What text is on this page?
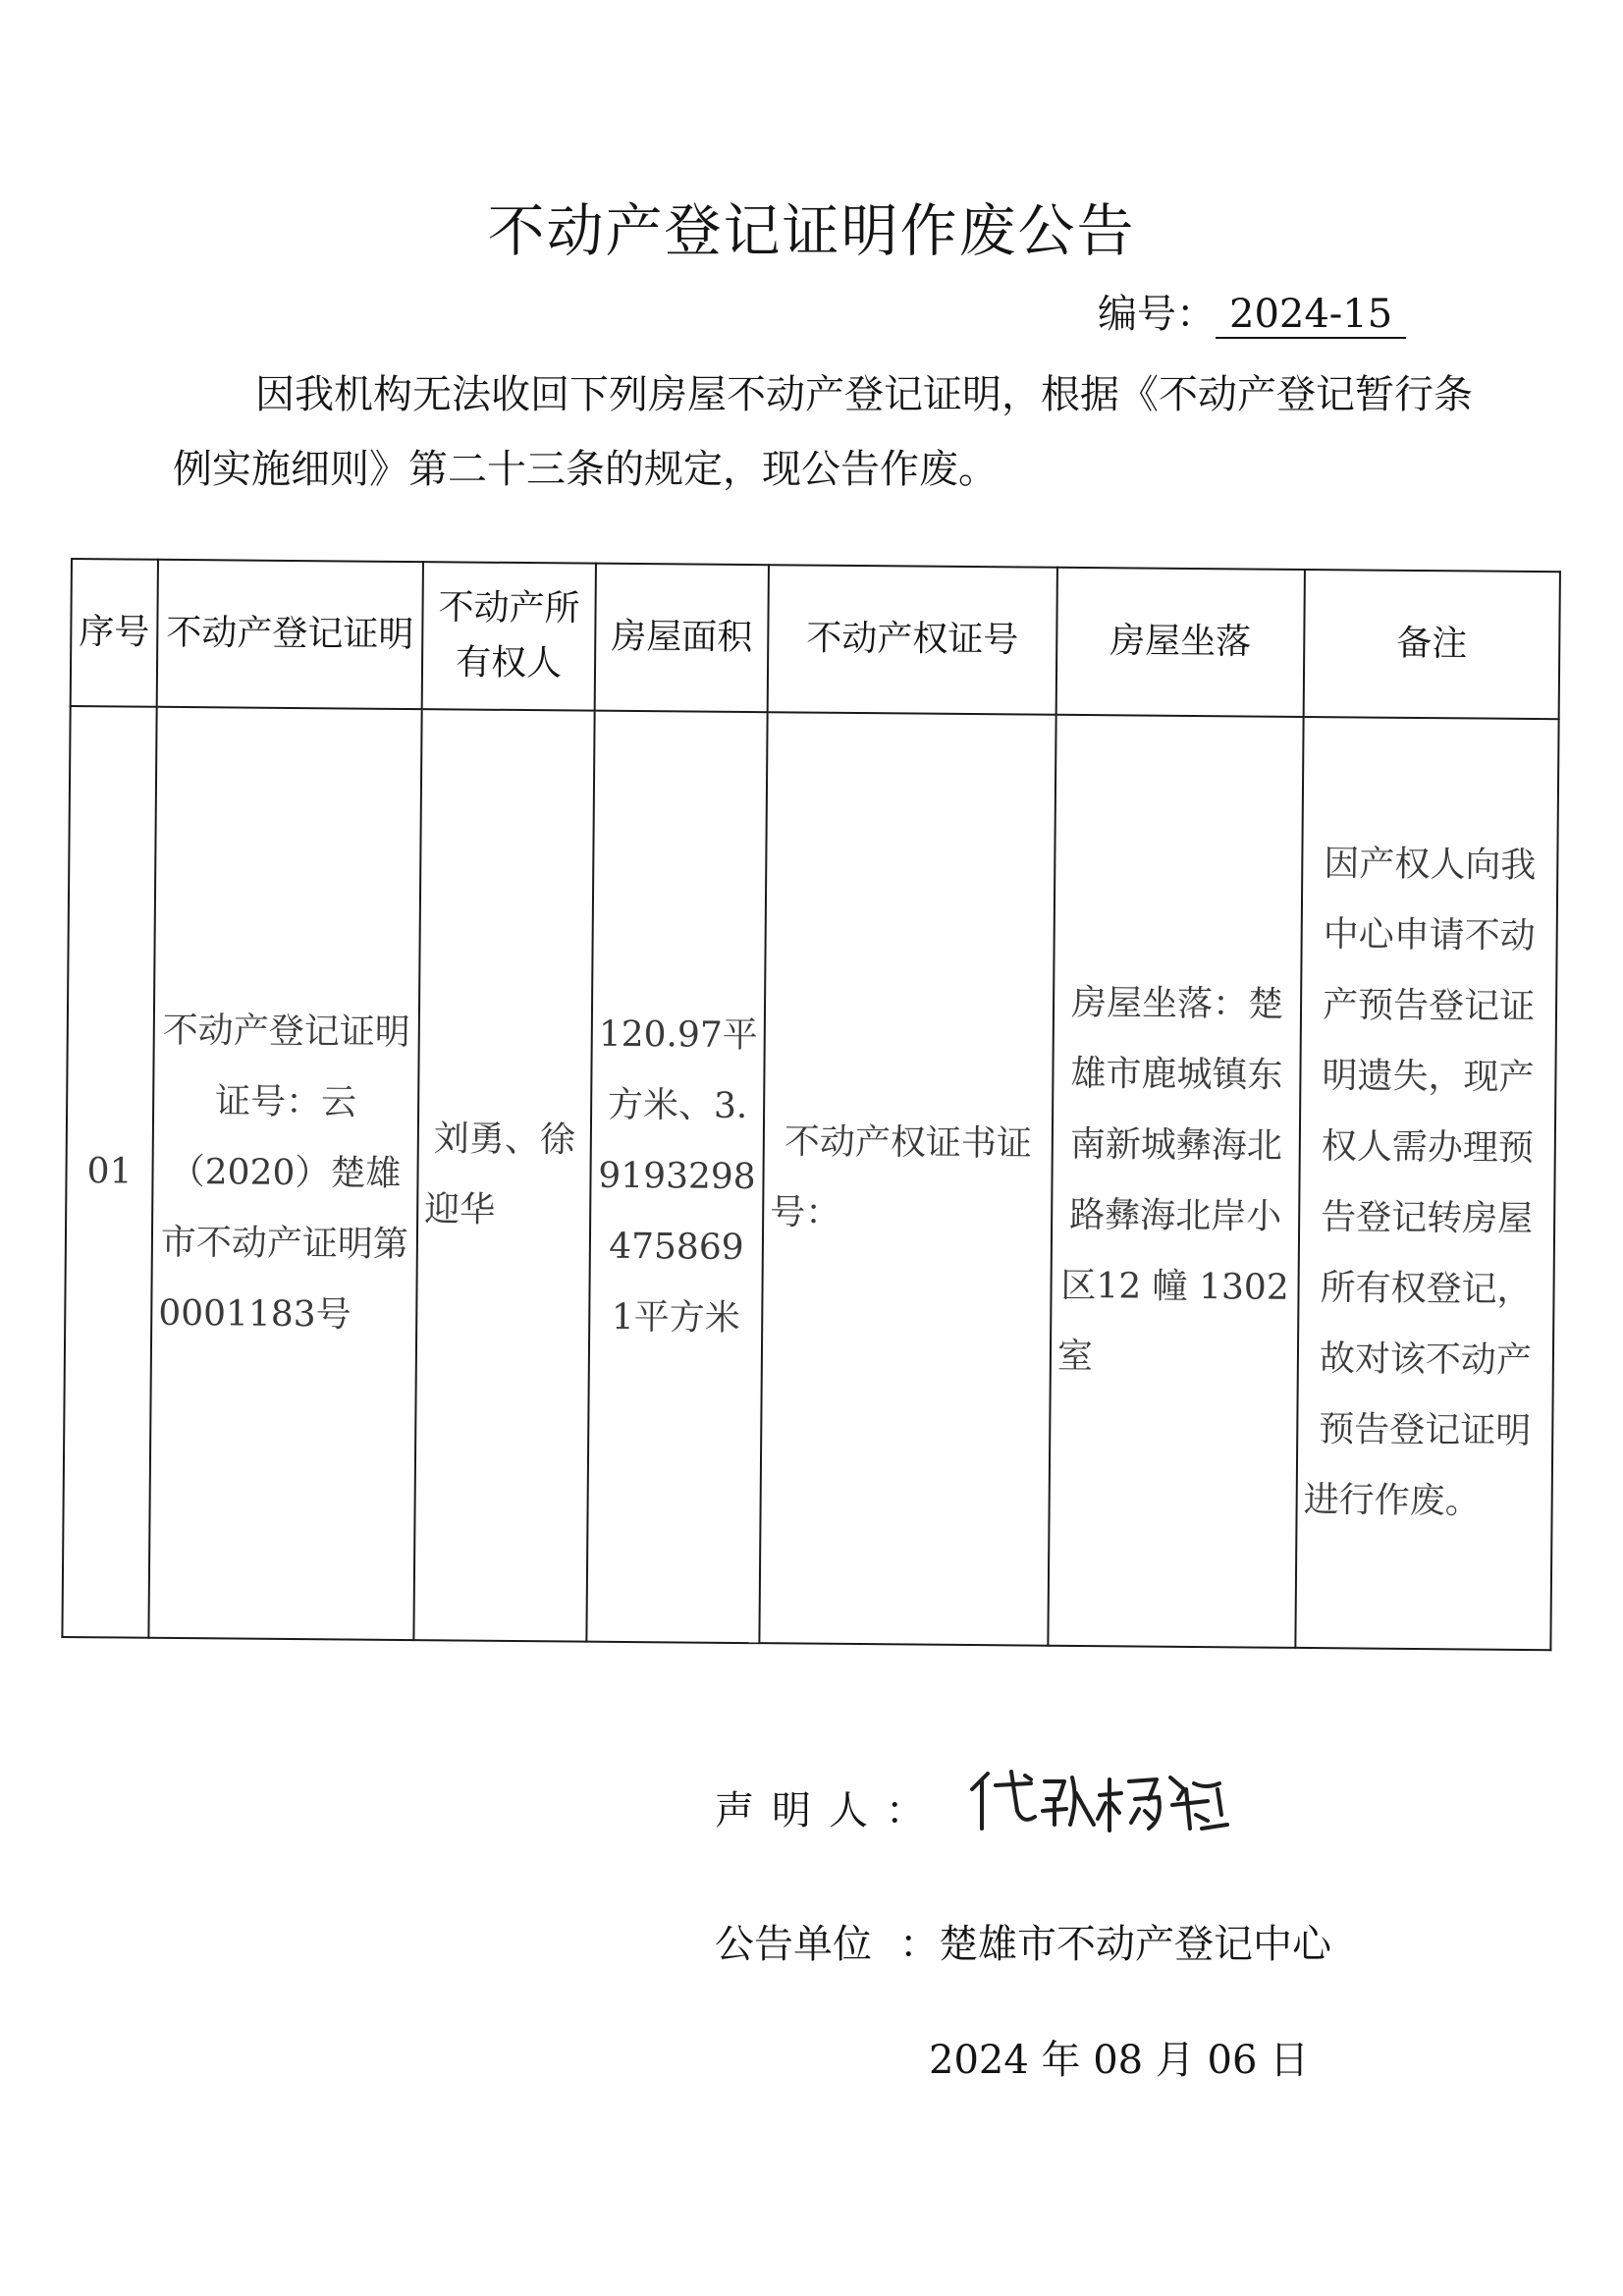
不动产登记证明作废公告
编号： 2024-15
因我机构无法收回下列房屋不动产登记证明，根据《不动产登记暂行条例实施细则》第二十三条的规定，现公告作废。
序号	不动产登记证明	不动产所有权人	房屋面积	不动产权证号	房屋坐落	备注
01	不动产登记证明证号：云（2020）楚雄市不动产证明第0001183号	刘勇、徐迎华	120.97平方米、3.9193298475869 1平方米	不动产权证书证号：	房屋坐落：楚雄市鹿城镇东南新城彝海北路彝海北岸小区12 幢 1302 室	因产权人向我中心申请不动产预告登记证明遗失，现产权人需办理预告登记转房屋所有权登记，故对该不动产预告登记证明进行作废。
声明人：
公告单位 ：楚雄市不动产登记中心
2024 年 08 月 06 日
